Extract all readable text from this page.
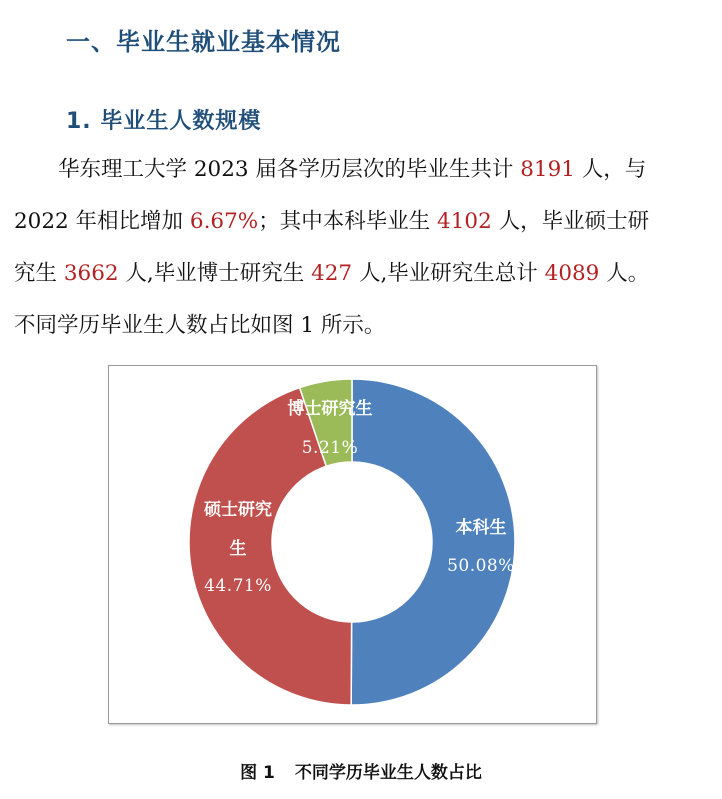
一、毕业生就业基本情况
1. 毕业生人数规模
华东理工大学 2023 届各学历层次的毕业生共计 8191 人，与
2022 年相比增加 6.67%；其中本科毕业生 4102 人，毕业硕士研
究生 3662 人,毕业博士研究生 427 人,毕业研究生总计 4089 人。
不同学历毕业生人数占比如图 1 所示。
本科生
50.08%
硕士研究
生
44.71%
博士研究生
5.21%
图 1 不同学历毕业生人数占比
